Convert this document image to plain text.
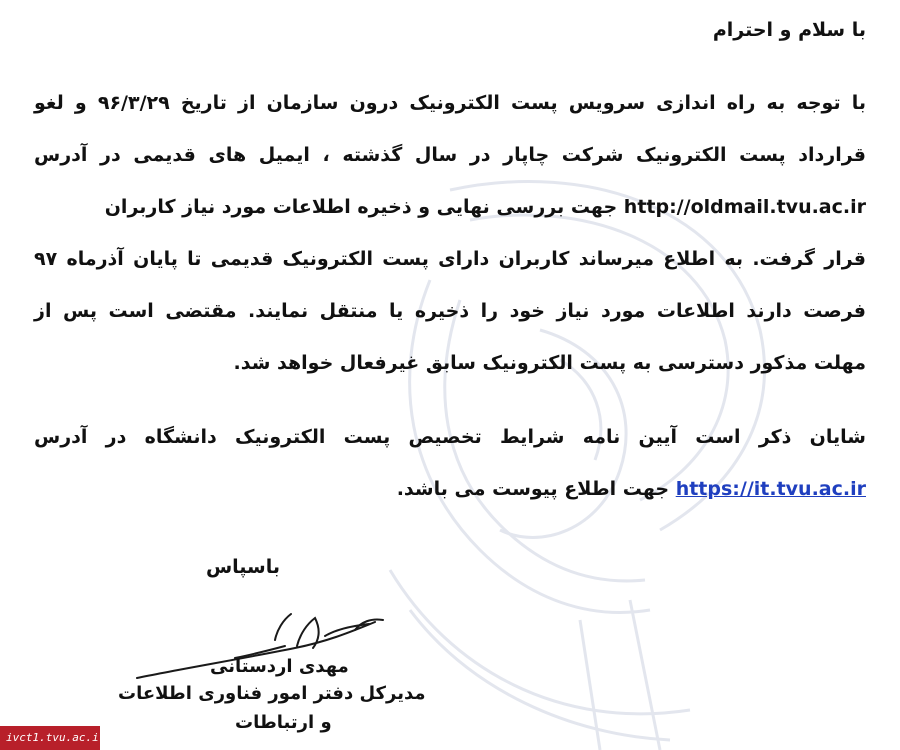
با سلام و احترام
با توجه به راه اندازی سرویس پست الکترونیک درون سازمان از تاریخ ۹۶/۳/۲۹ و لغو
قرارداد پست الکترونیک شرکت چاپار در سال گذشته ، ایمیل های قدیمی در آدرس
http://oldmail.tvu.ac.ir جهت بررسی نهایی و ذخیره اطلاعات مورد نیاز کاربران
قرار گرفت. به اطلاع میرساند کاربران دارای پست الکترونیک قدیمی تا پایان آذرماه ۹۷
فرصت دارند اطلاعات مورد نیاز خود را ذخیره یا منتقل نمایند. مقتضی است پس از
مهلت مذکور دسترسی به پست الکترونیک سابق غیرفعال خواهد شد.
شایان ذکر است آیین نامه شرایط تخصیص پست الکترونیک دانشگاه در آدرس
https://it.tvu.ac.ir جهت اطلاع پیوست می باشد.
باسپاس
مهدی اردستانی
مدیرکل دفتر امور فناوری اطلاعات
و ارتباطات
ivct1.tvu.ac.ir
